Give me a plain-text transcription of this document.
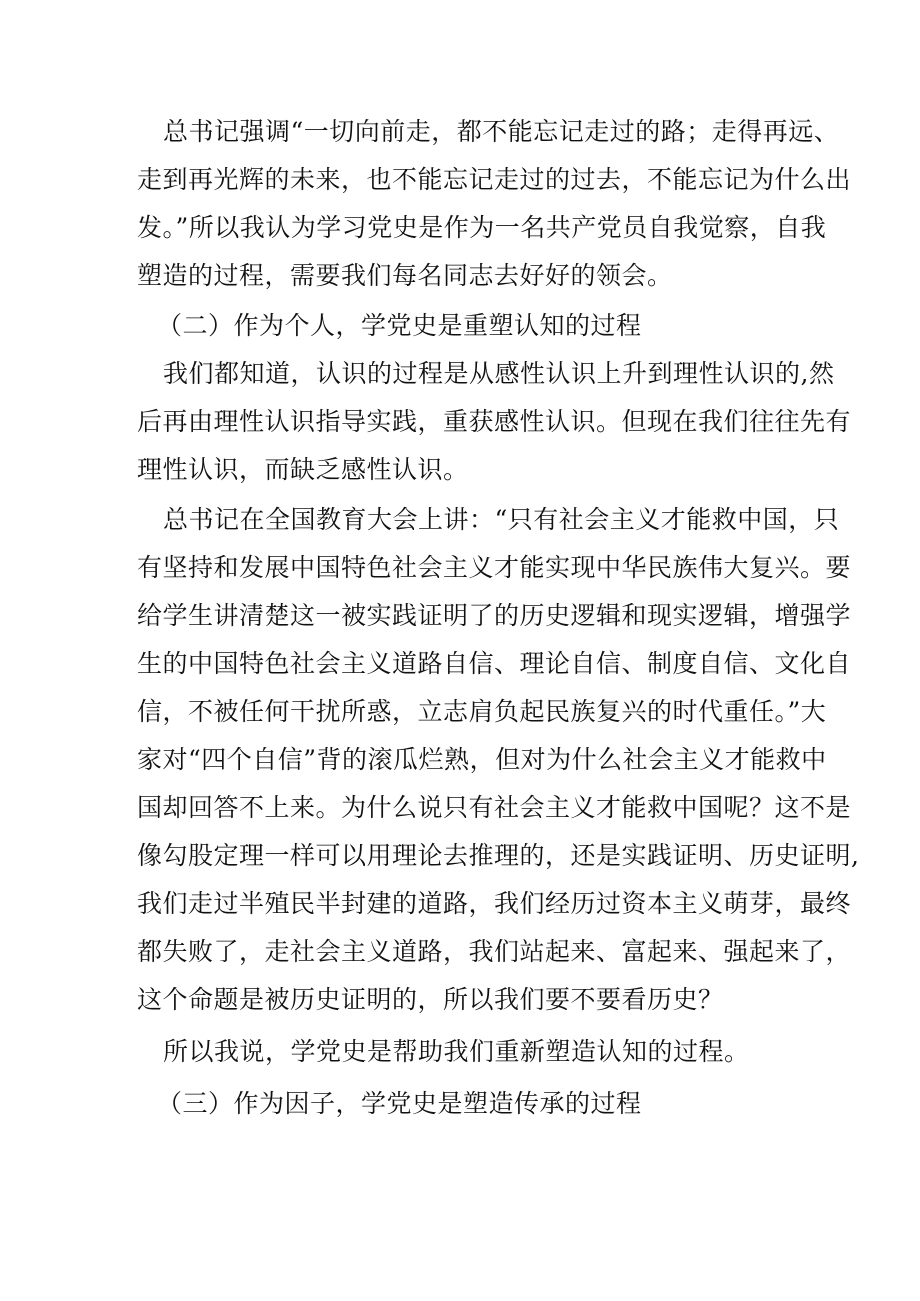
总书记强调“一切向前走，都不能忘记走过的路；走得再远、
走到再光辉的未来，也不能忘记走过的过去，不能忘记为什么出
发。”所以我认为学习党史是作为一名共产党员自我觉察，自我
塑造的过程，需要我们每名同志去好好的领会。
（二）作为个人，学党史是重塑认知的过程
我们都知道，认识的过程是从感性认识上升到理性认识的,然
后再由理性认识指导实践，重获感性认识。但现在我们往往先有
理性认识，而缺乏感性认识。
总书记在全国教育大会上讲：“只有社会主义才能救中国，只
有坚持和发展中国特色社会主义才能实现中华民族伟大复兴。要
给学生讲清楚这一被实践证明了的历史逻辑和现实逻辑，增强学
生的中国特色社会主义道路自信、理论自信、制度自信、文化自
信，不被任何干扰所惑，立志肩负起民族复兴的时代重任。”大
家对“四个自信”背的滚瓜烂熟，但对为什么社会主义才能救中
国却回答不上来。为什么说只有社会主义才能救中国呢？这不是
像勾股定理一样可以用理论去推理的，还是实践证明、历史证明,
我们走过半殖民半封建的道路，我们经历过资本主义萌芽，最终
都失败了，走社会主义道路，我们站起来、富起来、强起来了，
这个命题是被历史证明的，所以我们要不要看历史？
所以我说，学党史是帮助我们重新塑造认知的过程。
（三）作为因子，学党史是塑造传承的过程
